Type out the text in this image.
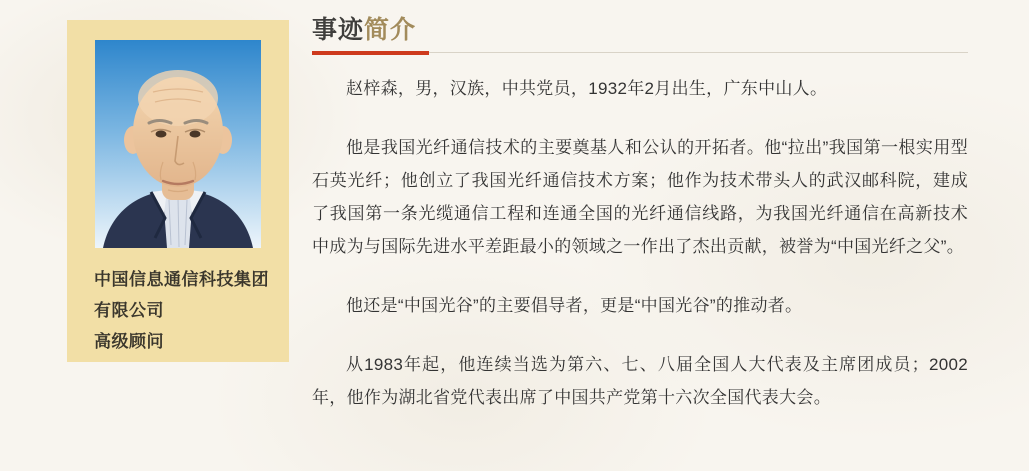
中国信息通信科技集团
有限公司
高级顾问
事迹简介

赵梓森，男，汉族，中共党员，1932年2月出生，广东中山人。

他是我国光纤通信技术的主要奠基人和公认的开拓者。他“拉出”我国第一根实用型石英光纤；他创立了我国光纤通信技术方案；他作为技术带头人的武汉邮科院，建成了我国第一条光缆通信工程和连通全国的光纤通信线路，为我国光纤通信在高新技术中成为与国际先进水平差距最小的领域之一作出了杰出贡献，被誉为“中国光纤之父”。

他还是“中国光谷”的主要倡导者，更是“中国光谷”的推动者。

从1983年起，他连续当选为第六、七、八届全国人大代表及主席团成员；2002年，他作为湖北省党代表出席了中国共产党第十六次全国代表大会。
